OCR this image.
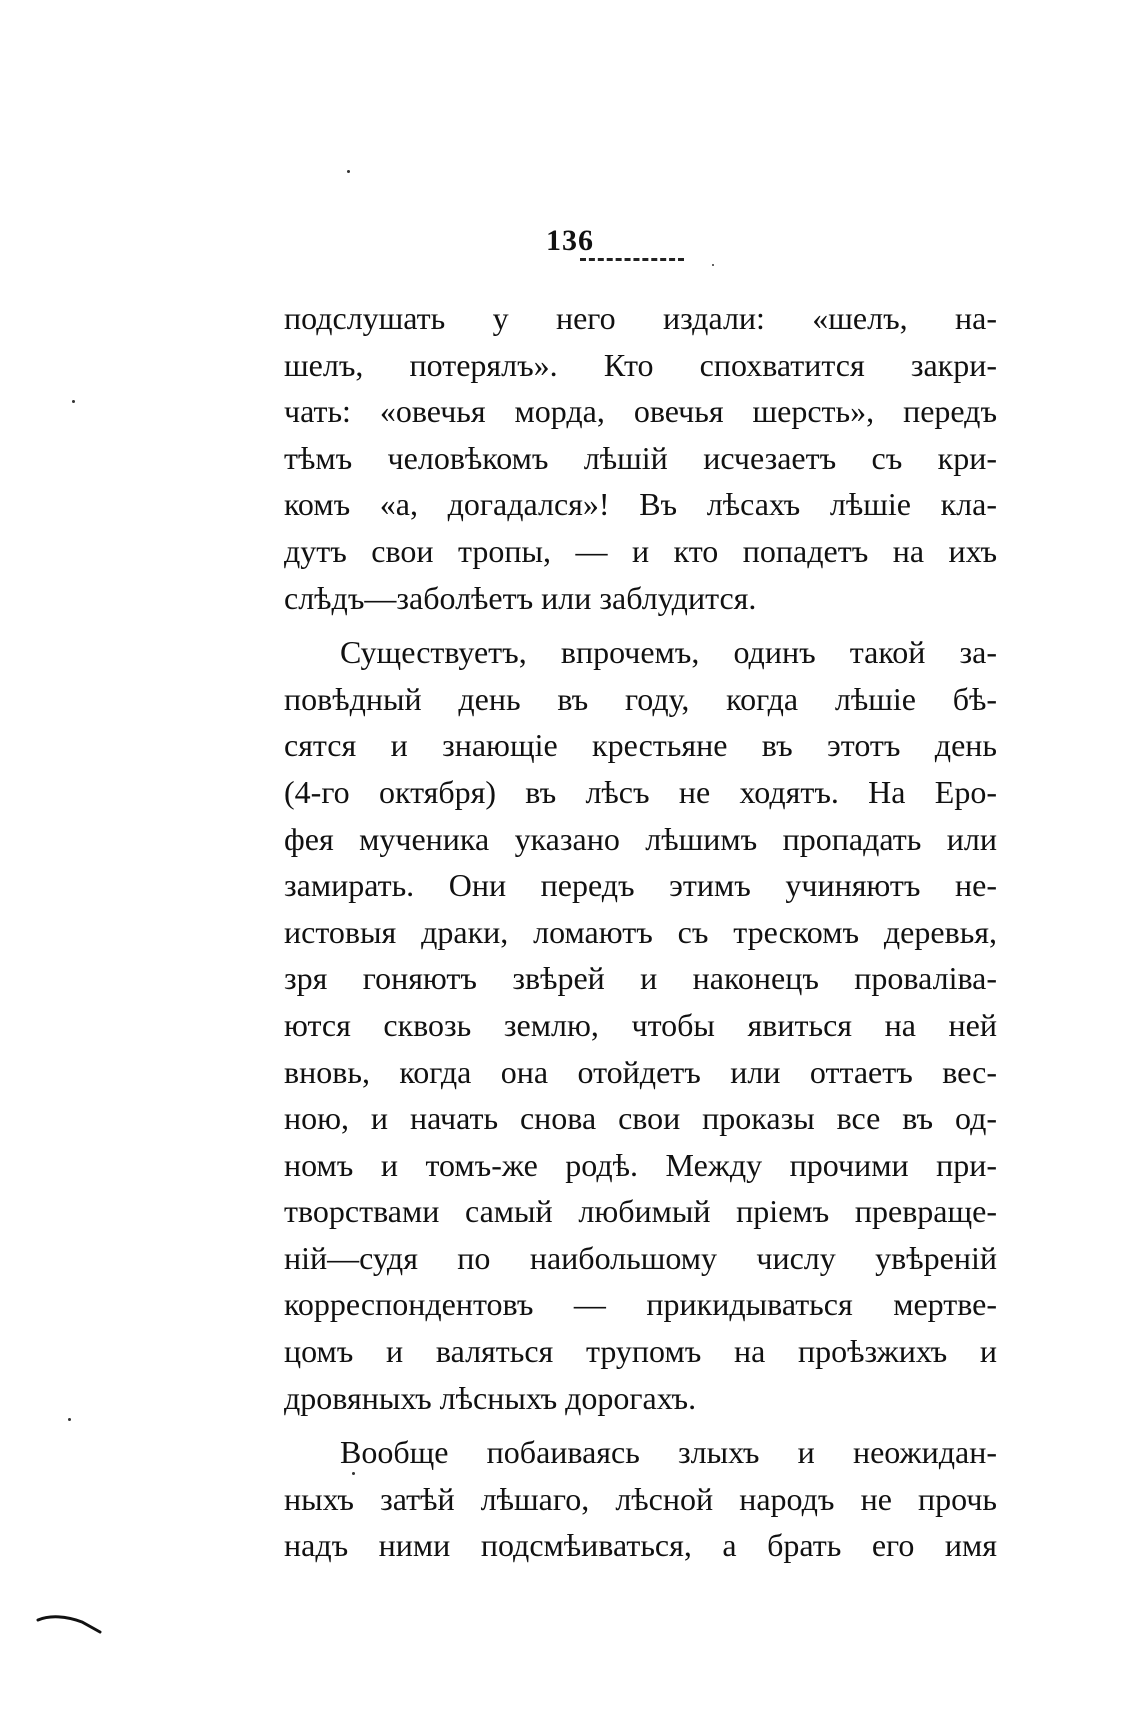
136
подслушать у него издали: «шелъ, на-
шелъ, потерялъ». Кто спохватится закри-
чать: «овечья морда, овечья шерсть», передъ
тѣмъ человѣкомъ лѣшій исчезаетъ съ кри-
комъ «а, догадался»! Въ лѣсахъ лѣшіе кла-
дутъ свои тропы, — и кто попадетъ на ихъ
слѣдъ—заболѣетъ или заблудится.
Существуетъ, впрочемъ, одинъ такой за-
повѣдный день въ году, когда лѣшіе бѣ-
сятся и знающіе крестьяне въ этотъ день
(4-го октября) въ лѣсъ не ходятъ. На Еро-
фея мученика указано лѣшимъ пропадать или
замирать. Они передъ этимъ учиняютъ не-
истовыя драки, ломаютъ съ трескомъ деревья,
зря гоняютъ звѣрей и наконецъ проваліва-
ются сквозь землю, чтобы явиться на ней
вновь, когда она отойдетъ или оттаетъ вес-
ною, и начать снова свои проказы все въ од-
номъ и томъ-же родѣ. Между прочими при-
творствами самый любимый пріемъ превраще-
ній—судя по наибольшому числу увѣреній
корреспондентовъ — прикидываться мертве-
цомъ и валяться трупомъ на проѣзжихъ и
дровяныхъ лѣсныхъ дорогахъ.
Вообще побаиваясь злыхъ и неожидан-
ныхъ затѣй лѣшаго, лѣсной народъ не прочь
надъ ними подсмѣиваться, а брать его имя
